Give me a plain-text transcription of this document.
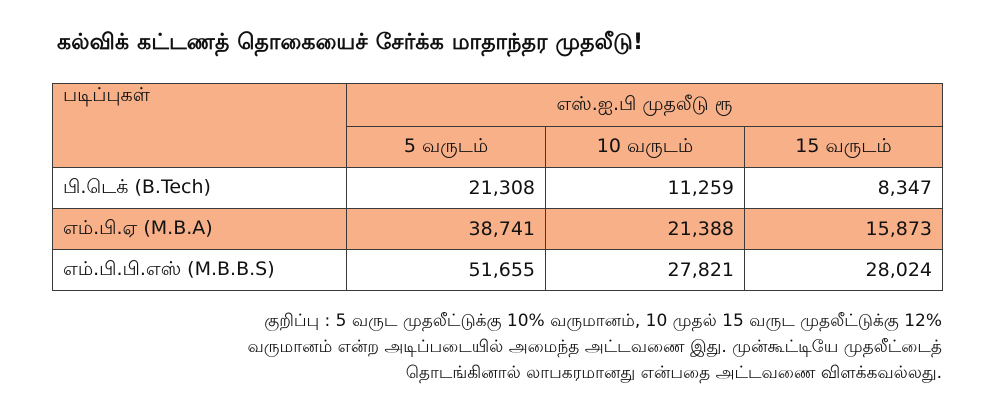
கல்விக் கட்டணத் தொகையைச் சேர்க்க மாதாந்தர முதலீடு!
படிப்புகள்	எஸ்.ஐ.பி முதலீடு ரூ		
	5 வருடம்	10 வருடம்	15 வருடம்
பி.டெக் (B.Tech)	21,308	11,259	8,347
எம்.பி.ஏ (M.B.A)	38,741	21,388	15,873
எம்.பி.பி.எஸ் (M.B.B.S)	51,655	27,821	28,024
குறிப்பு : 5 வருட முதலீட்டுக்கு 10% வருமானம், 10 முதல் 15 வருட முதலீட்டுக்கு 12%
வருமானம் என்ற அடிப்படையில் அமைந்த அட்டவணை இது. முன்கூட்டியே முதலீட்டைத்
தொடங்கினால் லாபகரமானது என்பதை அட்டவணை விளக்கவல்லது.
